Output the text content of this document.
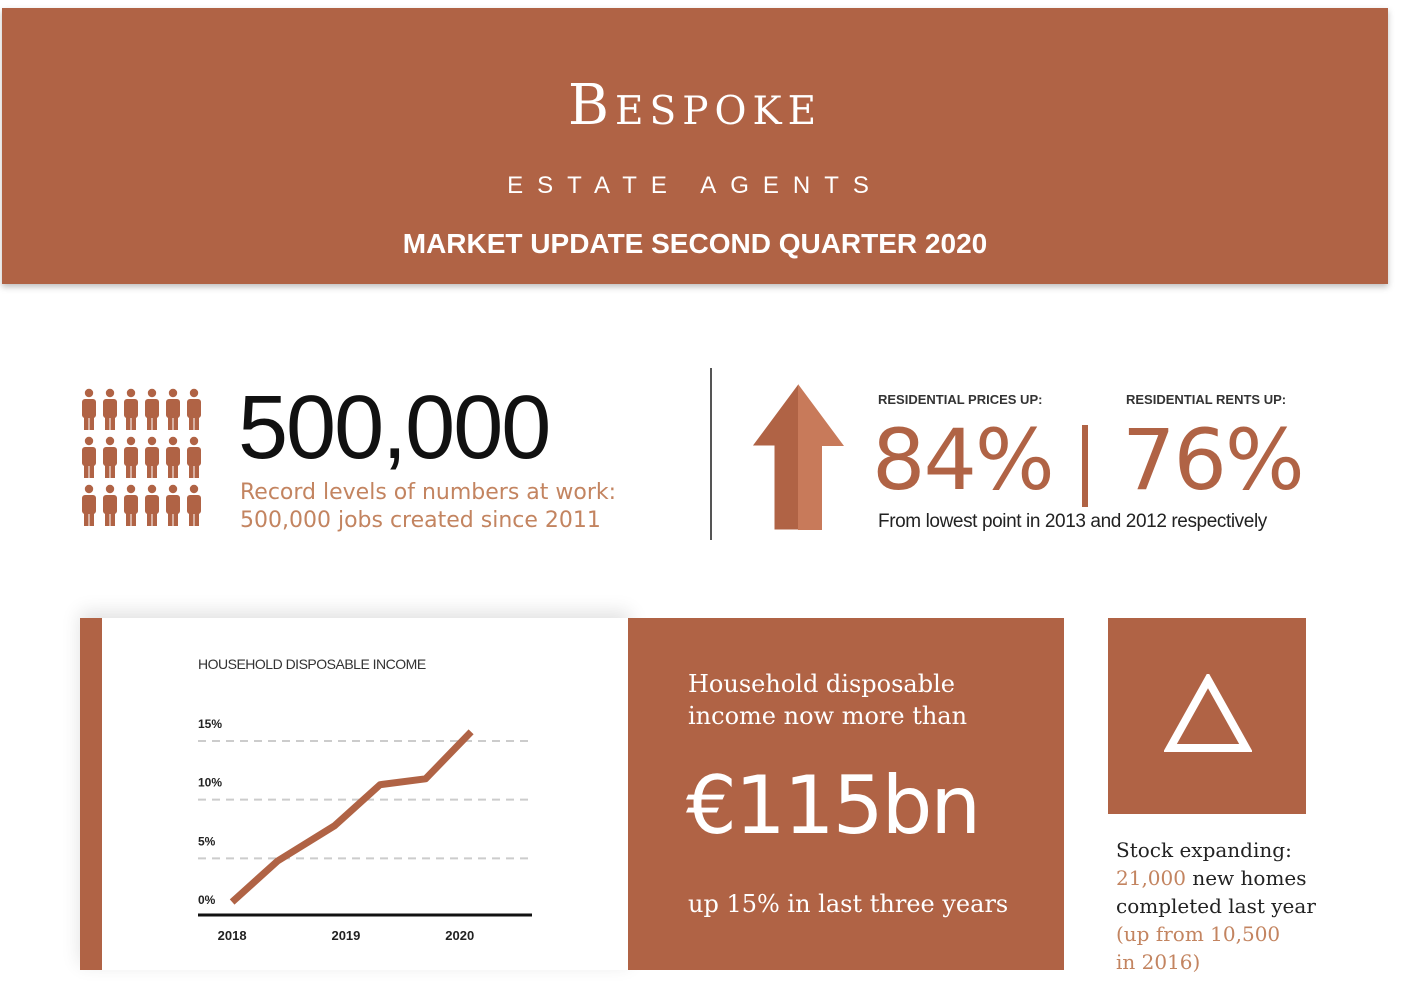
Bespoke
ESTATE AGENTS
MARKET UPDATE SECOND QUARTER 2020
500,000
Record levels of numbers at work:
500,000 jobs created since 2011
RESIDENTIAL PRICES UP:	RESIDENTIAL RENTS UP:
84% 76%
From lowest point in 2013 and 2012 respectively
HOUSEHOLD DISPOSABLE INCOME
15%
10%
5%
0%
2018	2019	2020
Household disposable
income now more than
€115bn
up 15% in last three years
Stock expanding:
21,000 new homes
completed last year
(up from 10,500
in 2016)
